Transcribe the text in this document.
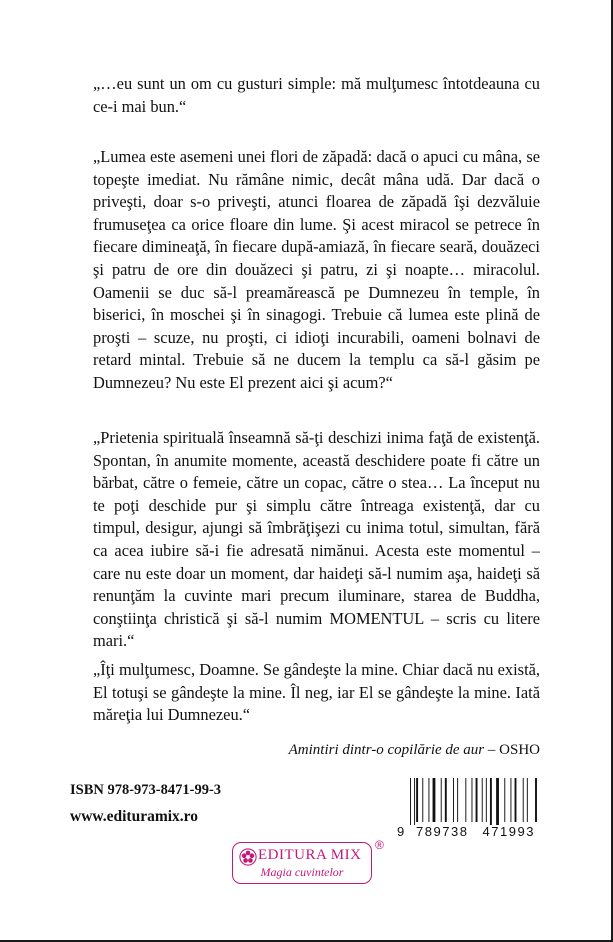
„…eu sunt un om cu gusturi simple: mă mulţumesc întotdeauna cu ce-i mai bun.“

„Lumea este asemeni unei flori de zăpadă: dacă o apuci cu mâna, se topeşte imediat. Nu rămâne nimic, decât mâna udă. Dar dacă o priveşti, doar s-o priveşti, atunci floarea de zăpadă îşi dezvăluie frumuseţea ca orice floare din lume. Şi acest miracol se petrece în fiecare dimineaţă, în fiecare după-amiază, în fiecare seară, douăzeci şi patru de ore din douăzeci şi patru, zi şi noapte… miracolul. Oamenii se duc să-l preamărească pe Dumnezeu în temple, în biserici, în moschei şi în sinagogi. Trebuie că lumea este plină de proşti – scuze, nu proşti, ci idioţi incurabili, oameni bolnavi de retard mintal. Trebuie să ne ducem la templu ca să-l găsim pe Dumnezeu? Nu este El prezent aici şi acum?“

„Prietenia spirituală înseamnă să-ţi deschizi inima faţă de existenţă. Spontan, în anumite momente, această deschidere poate fi către un bărbat, către o femeie, către un copac, către o stea… La început nu te poţi deschide pur şi simplu către întreaga existenţă, dar cu timpul, desigur, ajungi să îmbrăţişezi cu inima totul, simultan, fără ca acea iubire să-i fie adresată nimănui. Acesta este momentul – care nu este doar un moment, dar haideţi să-l numim aşa, haideţi să renunţăm la cuvinte mari precum iluminare, starea de Buddha, conştiinţa christică şi să-l numim MOMENTUL – scris cu litere mari.“

„Îţi mulţumesc, Doamne. Se gândeşte la mine. Chiar dacă nu există, El totuşi se gândeşte la mine. Îl neg, iar El se gândeşte la mine. Iată măreţia lui Dumnezeu.“

Amintiri dintr-o copilărie de aur – OSHO
ISBN 978-973-8471-99-3
www.edituramix.ro
9 789738	471993
EDITURA MIX
Magia cuvintelor
®
